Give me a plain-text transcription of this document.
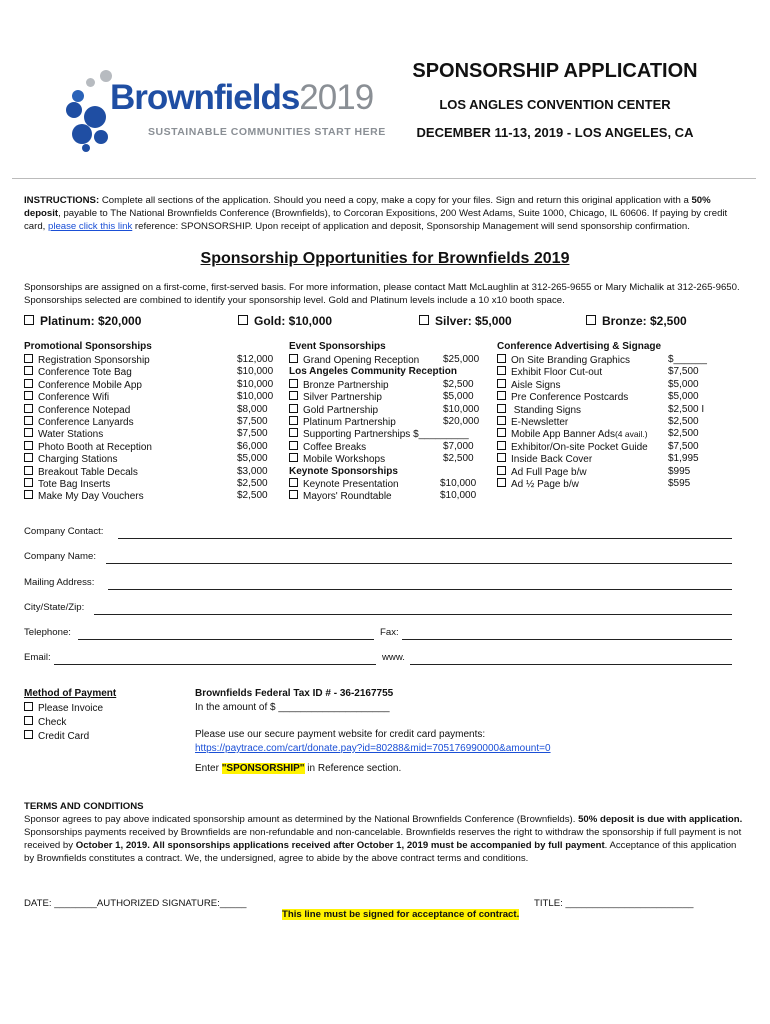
Brownfields2019
SUSTAINABLE COMMUNITIES START HERE
SPONSORSHIP APPLICATION
LOS ANGLES CONVENTION CENTER
DECEMBER 11-13, 2019 - LOS ANGELES, CA
INSTRUCTIONS: Complete all sections of the application. Should you need a copy, make a copy for your files. Sign and return this original application with a 50% deposit, payable to The National Brownfields Conference (Brownfields), to Corcoran Expositions, 200 West Adams, Suite 1000, Chicago, IL 60606. If paying by credit card, please click this link reference: SPONSORSHIP. Upon receipt of application and deposit, Sponsorship Management will send sponsorship confirmation.
Sponsorship Opportunities for Brownfields 2019
Sponsorships are assigned on a first-come, first-served basis. For more information, please contact Matt McLaughlin at 312-265-9655 or Mary Michalik at 312-265-9650. Sponsorships selected are combined to identify your sponsorship level. Gold and Platinum levels include a 10 x10 booth space.
Platinum: $20,000	Gold: $10,000	Silver: $5,000	Bronze: $2,500
Promotional Sponsorships
Registration Sponsorship	$12,000
Conference Tote Bag	$10,000
Conference Mobile App	$10,000
Conference Wifi	$10,000
Conference Notepad	$8,000
Conference Lanyards	$7,500
Water Stations	$7,500
Photo Booth at Reception	$6,000
Charging Stations	$5,000
Breakout Table Decals	$3,000
Tote Bag Inserts	$2,500
Make My Day Vouchers	$2,500
Event Sponsorships
Grand Opening Reception $25,000
Los Angeles Community Reception
Bronze Partnership	$2,500
Silver Partnership	$5,000
Gold Partnership	$10,000
Platinum Partnership	$20,000
Supporting Partnerships $_________
Coffee Breaks	$7,000
Mobile Workshops	$2,500
Keynote Sponsorships
Keynote Presentation	$10,000
Mayors' Roundtable	$10,000
Conference Advertising & Signage
On Site Branding Graphics	$______
Exhibit Floor Cut-out	$7,500
Aisle Signs	$5,000
Pre Conference Postcards	$5,000
Standing Signs	$2,500 I
E-Newsletter	$2,500
Mobile App Banner Ads(4 avail.) $2,500
Exhibitor/On-site Pocket Guide $7,500
Inside Back Cover	$1,995
Ad Full Page b/w	$995
Ad ½ Page b/w	$595
Company Contact:
Company Name:
Mailing Address:
City/State/Zip:
Telephone:	Fax:
Email:	www.
Method of Payment
Please Invoice
Check
Credit Card
Brownfields Federal Tax ID # - 36-2167755
In the amount of $ ____________________
Please use our secure payment website for credit card payments:
https://paytrace.com/cart/donate.pay?id=80288&mid=705176990000&amount=0
Enter "SPONSORSHIP" in Reference section.
TERMS AND CONDITIONS
Sponsor agrees to pay above indicated sponsorship amount as determined by the National Brownfields Conference (Brownfields). 50% deposit is due with application. Sponsorships payments received by Brownfields are non-refundable and non-cancelable. Brownfields reserves the right to withdraw the sponsorship if full payment is not received by October 1, 2019. All sponsorships applications received after October 1, 2019 must be accompanied by full payment. Acceptance of this application by Brownfields constitutes a contract. We, the undersigned, agree to abide by the above contract terms and conditions.
DATE: ________AUTHORIZED SIGNATURE:_____	TITLE: ________________________
This line must be signed for acceptance of contract.
